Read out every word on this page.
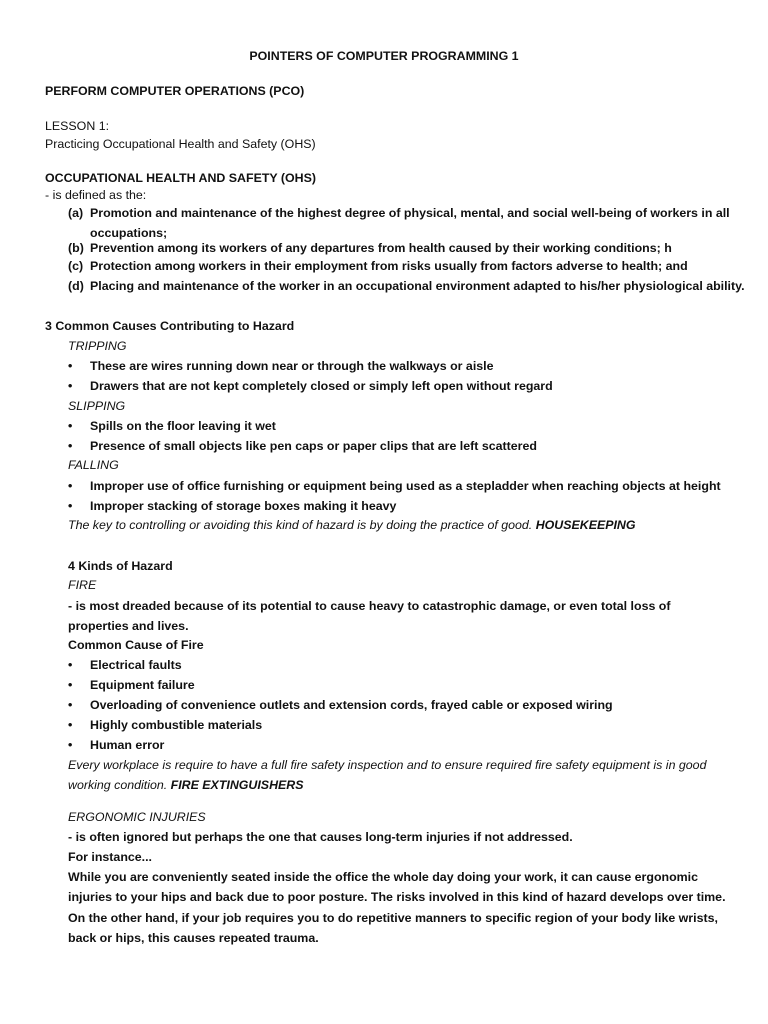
POINTERS OF COMPUTER PROGRAMMING 1
PERFORM COMPUTER OPERATIONS (PCO)
LESSON 1:
Practicing Occupational Health and Safety (OHS)
OCCUPATIONAL HEALTH AND SAFETY (OHS)
- is defined as the:
(a) Promotion and maintenance of the highest degree of physical, mental, and social well-being of workers in all occupations;
(b) Prevention among its workers of any departures from health caused by their working conditions; h
(c) Protection among workers in their employment from risks usually from factors adverse to health; and
(d) Placing and maintenance of the worker in an occupational environment adapted to his/her physiological ability.
3 Common Causes Contributing to Hazard
TRIPPING
• These are wires running down near or through the walkways or aisle
• Drawers that are not kept completely closed or simply left open without regard
SLIPPING
• Spills on the floor leaving it wet
• Presence of small objects like pen caps or paper clips that are left scattered
FALLING
• Improper use of office furnishing or equipment being used as a stepladder when reaching objects at height
• Improper stacking of storage boxes making it heavy
The key to controlling or avoiding this kind of hazard is by doing the practice of good. HOUSEKEEPING
4 Kinds of Hazard
FIRE
- is most dreaded because of its potential to cause heavy to catastrophic damage, or even total loss of properties and lives.
Common Cause of Fire
• Electrical faults
• Equipment failure
• Overloading of convenience outlets and extension cords, frayed cable or exposed wiring
• Highly combustible materials
• Human error
Every workplace is require to have a full fire safety inspection and to ensure required fire safety equipment is in good working condition. FIRE EXTINGUISHERS
ERGONOMIC INJURIES
- is often ignored but perhaps the one that causes long-term injuries if not addressed.
For instance...
While you are conveniently seated inside the office the whole day doing your work, it can cause ergonomic injuries to your hips and back due to poor posture. The risks involved in this kind of hazard develops over time.
On the other hand, if your job requires you to do repetitive manners to specific region of your body like wrists, back or hips, this causes repeated trauma.
